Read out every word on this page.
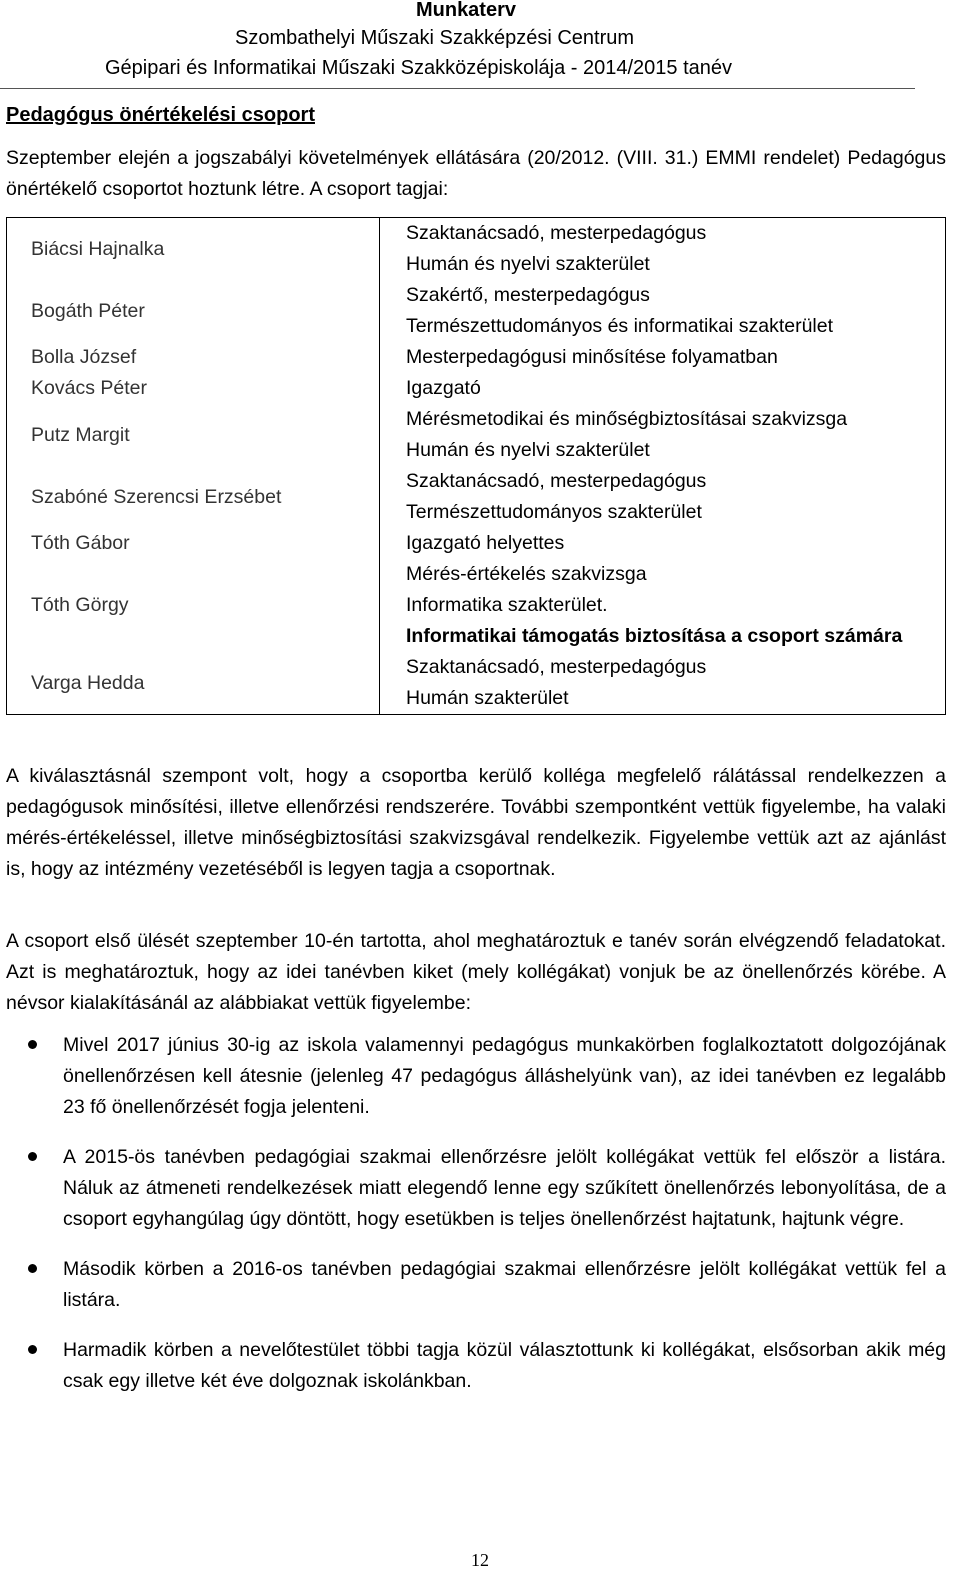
Munkaterv
Szombathelyi Műszaki Szakképzési Centrum
Gépipari és Informatikai Műszaki Szakközépiskolája - 2014/2015 tanév
Pedagógus önértékelési csoport
Szeptember elején a jogszabályi követelmények ellátására (20/2012. (VIII. 31.) EMMI rendelet) Pedagógus önértékelő csoportot hoztunk létre. A csoport tagjai:
Biácsi Hajnalka	Szaktanácsadó, mesterpedagógus
Humán és nyelvi szakterület

Bogáth Péter	Szakértő, mesterpedagógus
Természettudományos és informatikai szakterület

Bolla József	Mesterpedagógusi minősítése folyamatban

Kovács Péter	Igazgató

Putz Margit	Mérésmetodikai és minőségbiztosításai szakvizsga
Humán és nyelvi szakterület

Szabóné Szerencsi Erzsébet	Szaktanácsadó, mesterpedagógus
Természettudományos szakterület

Tóth Gábor	Igazgató helyettes

Tóth Görgy	Mérés-értékelés szakvizsga
Informatika szakterület.
Informatikai támogatás biztosítása a csoport számára

Varga Hedda	Szaktanácsadó, mesterpedagógus
Humán szakterület
A kiválasztásnál szempont volt, hogy a csoportba kerülő kolléga megfelelő rálátással rendelkezzen a pedagógusok minősítési, illetve ellenőrzési rendszerére. További szempontként vettük figyelembe, ha valaki mérés-értékeléssel, illetve minőségbiztosítási szakvizsgával rendelkezik. Figyelembe vettük azt az ajánlást is, hogy az intézmény vezetéséből is legyen tagja a csoportnak.
A csoport első ülését szeptember 10-én tartotta, ahol meghatároztuk e tanév során elvégzendő feladatokat. Azt is meghatároztuk, hogy az idei tanévben kiket (mely kollégákat) vonjuk be az önellenőrzés körébe. A névsor kialakításánál az alábbiakat vettük figyelembe:
Mivel 2017 június 30-ig az iskola valamennyi pedagógus munkakörben foglalkoztatott dolgozójának önellenőrzésen kell átesnie (jelenleg 47 pedagógus álláshelyünk van), az idei tanévben ez legalább 23 fő önellenőrzését fogja jelenteni.
A 2015-ös tanévben pedagógiai szakmai ellenőrzésre jelölt kollégákat vettük fel először a listára. Náluk az átmeneti rendelkezések miatt elegendő lenne egy szűkített önellenőrzés lebonyolítása, de a csoport egyhangúlag úgy döntött, hogy esetükben is teljes önellenőrzést hajtatunk, hajtunk végre.
Második körben a 2016-os tanévben pedagógiai szakmai ellenőrzésre jelölt kollégákat vettük fel a listára.
Harmadik körben a nevelőtestület többi tagja közül választottunk ki kollégákat, elsősorban akik még csak egy illetve két éve dolgoznak iskolánkban.
12
